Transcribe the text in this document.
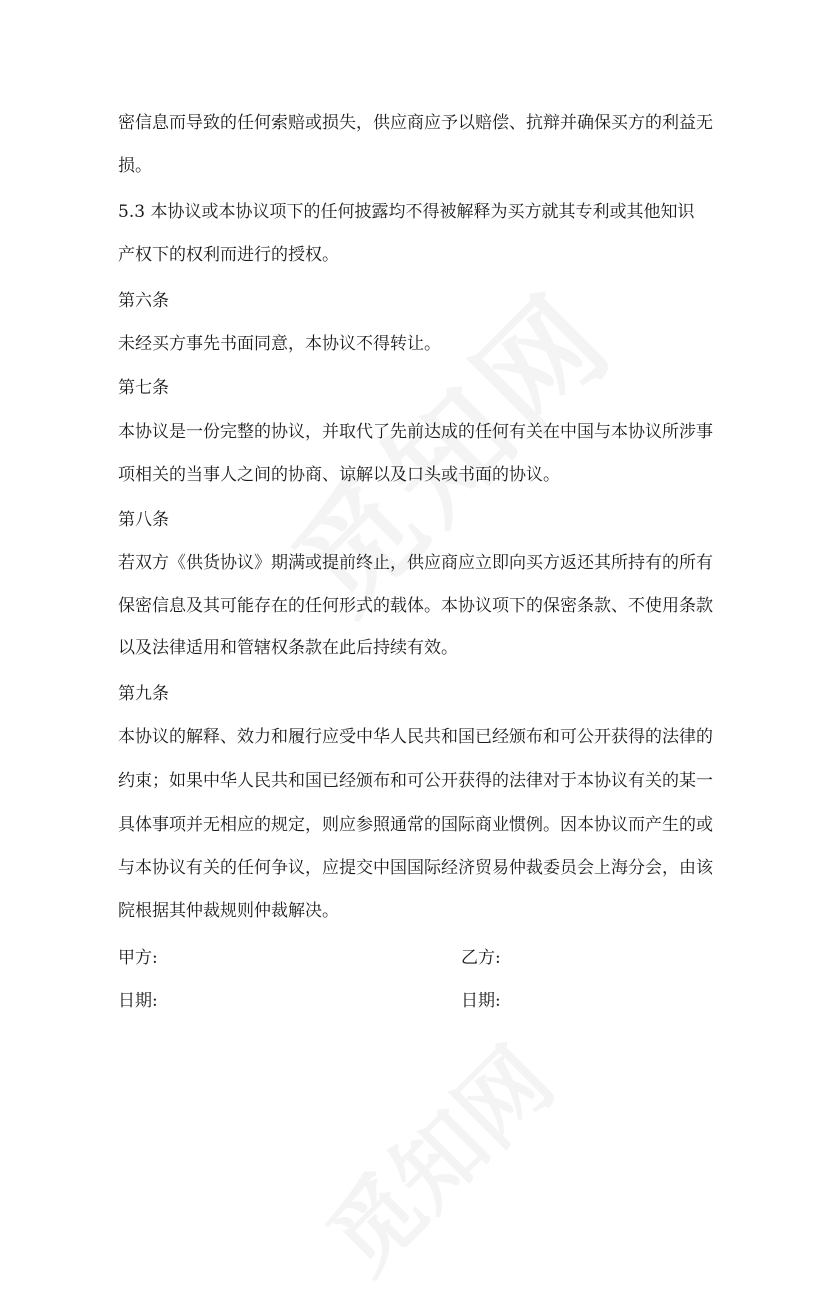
密信息而导致的任何索赔或损失，供应商应予以赔偿、抗辩并确保买方的利益无
损。
5.3 本协议或本协议项下的任何披露均不得被解释为买方就其专利或其他知识
产权下的权利而进行的授权。
第六条
未经买方事先书面同意，本协议不得转让。
第七条
本协议是一份完整的协议，并取代了先前达成的任何有关在中国与本协议所涉事
项相关的当事人之间的协商、谅解以及口头或书面的协议。
第八条
若双方《供货协议》期满或提前终止，供应商应立即向买方返还其所持有的所有
保密信息及其可能存在的任何形式的载体。本协议项下的保密条款、不使用条款
以及法律适用和管辖权条款在此后持续有效。
第九条
本协议的解释、效力和履行应受中华人民共和国已经颁布和可公开获得的法律的
约束；如果中华人民共和国已经颁布和可公开获得的法律对于本协议有关的某一
具体事项并无相应的规定，则应参照通常的国际商业惯例。因本协议而产生的或
与本协议有关的任何争议，应提交中国国际经济贸易仲裁委员会上海分会，由该
院根据其仲裁规则仲裁解决。
甲方:	乙方:
日期:	日期:
